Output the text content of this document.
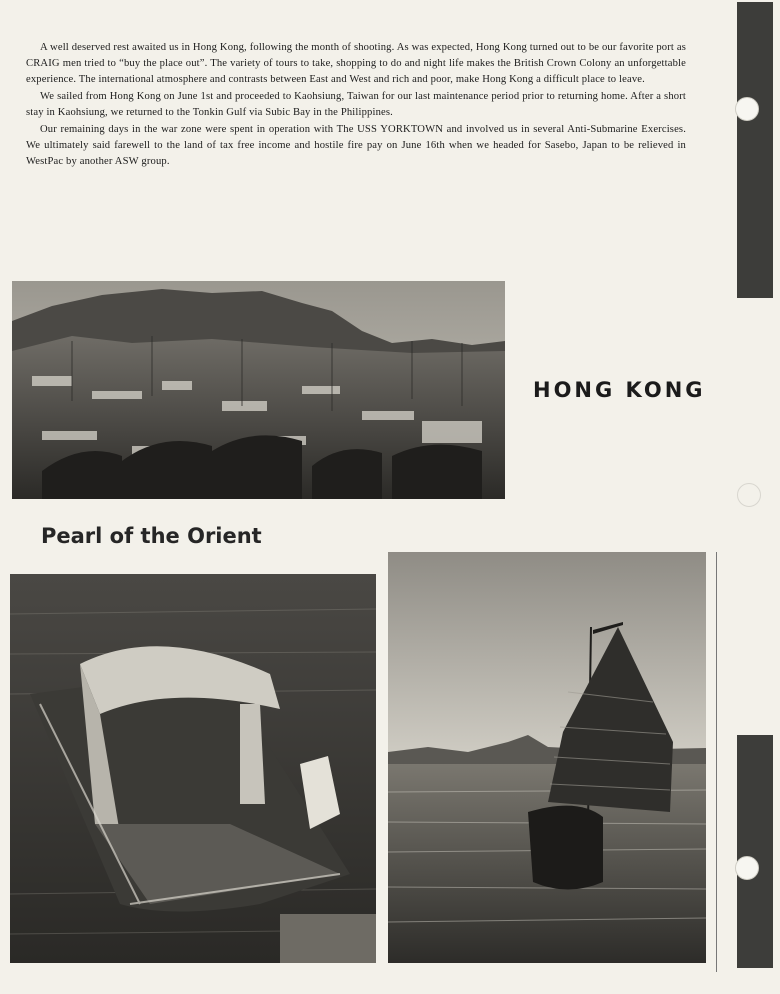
A well deserved rest awaited us in Hong Kong, following the month of shooting. As was expected, Hong Kong turned out to be our favorite port as CRAIG men tried to “buy the place out”. The variety of tours to take, shopping to do and night life makes the British Crown Colony an unforgettable experience. The international atmosphere and contrasts between East and West and rich and poor, make Hong Kong a difficult place to leave.

We sailed from Hong Kong on June 1st and proceeded to Kaohsiung, Taiwan for our last maintenance period prior to returning home. After a short stay in Kaohsiung, we returned to the Tonkin Gulf via Subic Bay in the Philippines.

Our remaining days in the war zone were spent in operation with The USS YORKTOWN and involved us in several Anti-Submarine Exercises. We ultimately said farewell to the land of tax free income and hostile fire pay on June 16th when we headed for Sasebo, Japan to be relieved in WestPac by another ASW group.

HONG KONG
Pearl of the Orient
